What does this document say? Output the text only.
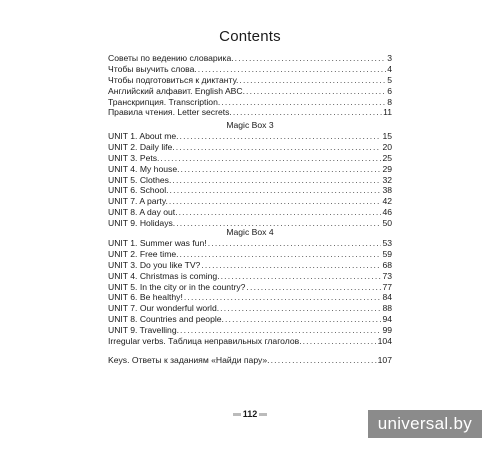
Contents
Советы по ведению словарика. .....	3
Чтобы выучить слова. .....	4
Чтобы подготовиться к диктанту. .....	5
Английский алфавит. English ABC. .....	6
Транскрипция. Transcription. .....	8
Правила чтения. Letter secrets. .....	11
Magic Box 3
UNIT 1. About me. .....	15
UNIT 2. Daily life. .....	20
UNIT 3. Pets. .....	25
UNIT 4. My house. .....	29
UNIT 5. Clothes. .....	32
UNIT 6. School. .....	38
UNIT 7. A party. .....	42
UNIT 8. A day out. .....	46
UNIT 9. Holidays. .....	50
Magic Box 4
UNIT 1. Summer was fun! .....	53
UNIT 2. Free time. .....	59
UNIT 3. Do you like TV? .....	68
UNIT 4. Christmas is coming. .....	73
UNIT 5. In the city or in the country? .....	77
UNIT 6. Be healthy! .....	84
UNIT 7. Our wonderful world. .....	88
UNIT 8. Countries and people. .....	94
UNIT 9. Travelling. .....	99
Irregular verbs. Таблица неправильных глаголов. .....	104
Keys. Ответы к заданиям «Найди пару». .....	107
112	universal.by
